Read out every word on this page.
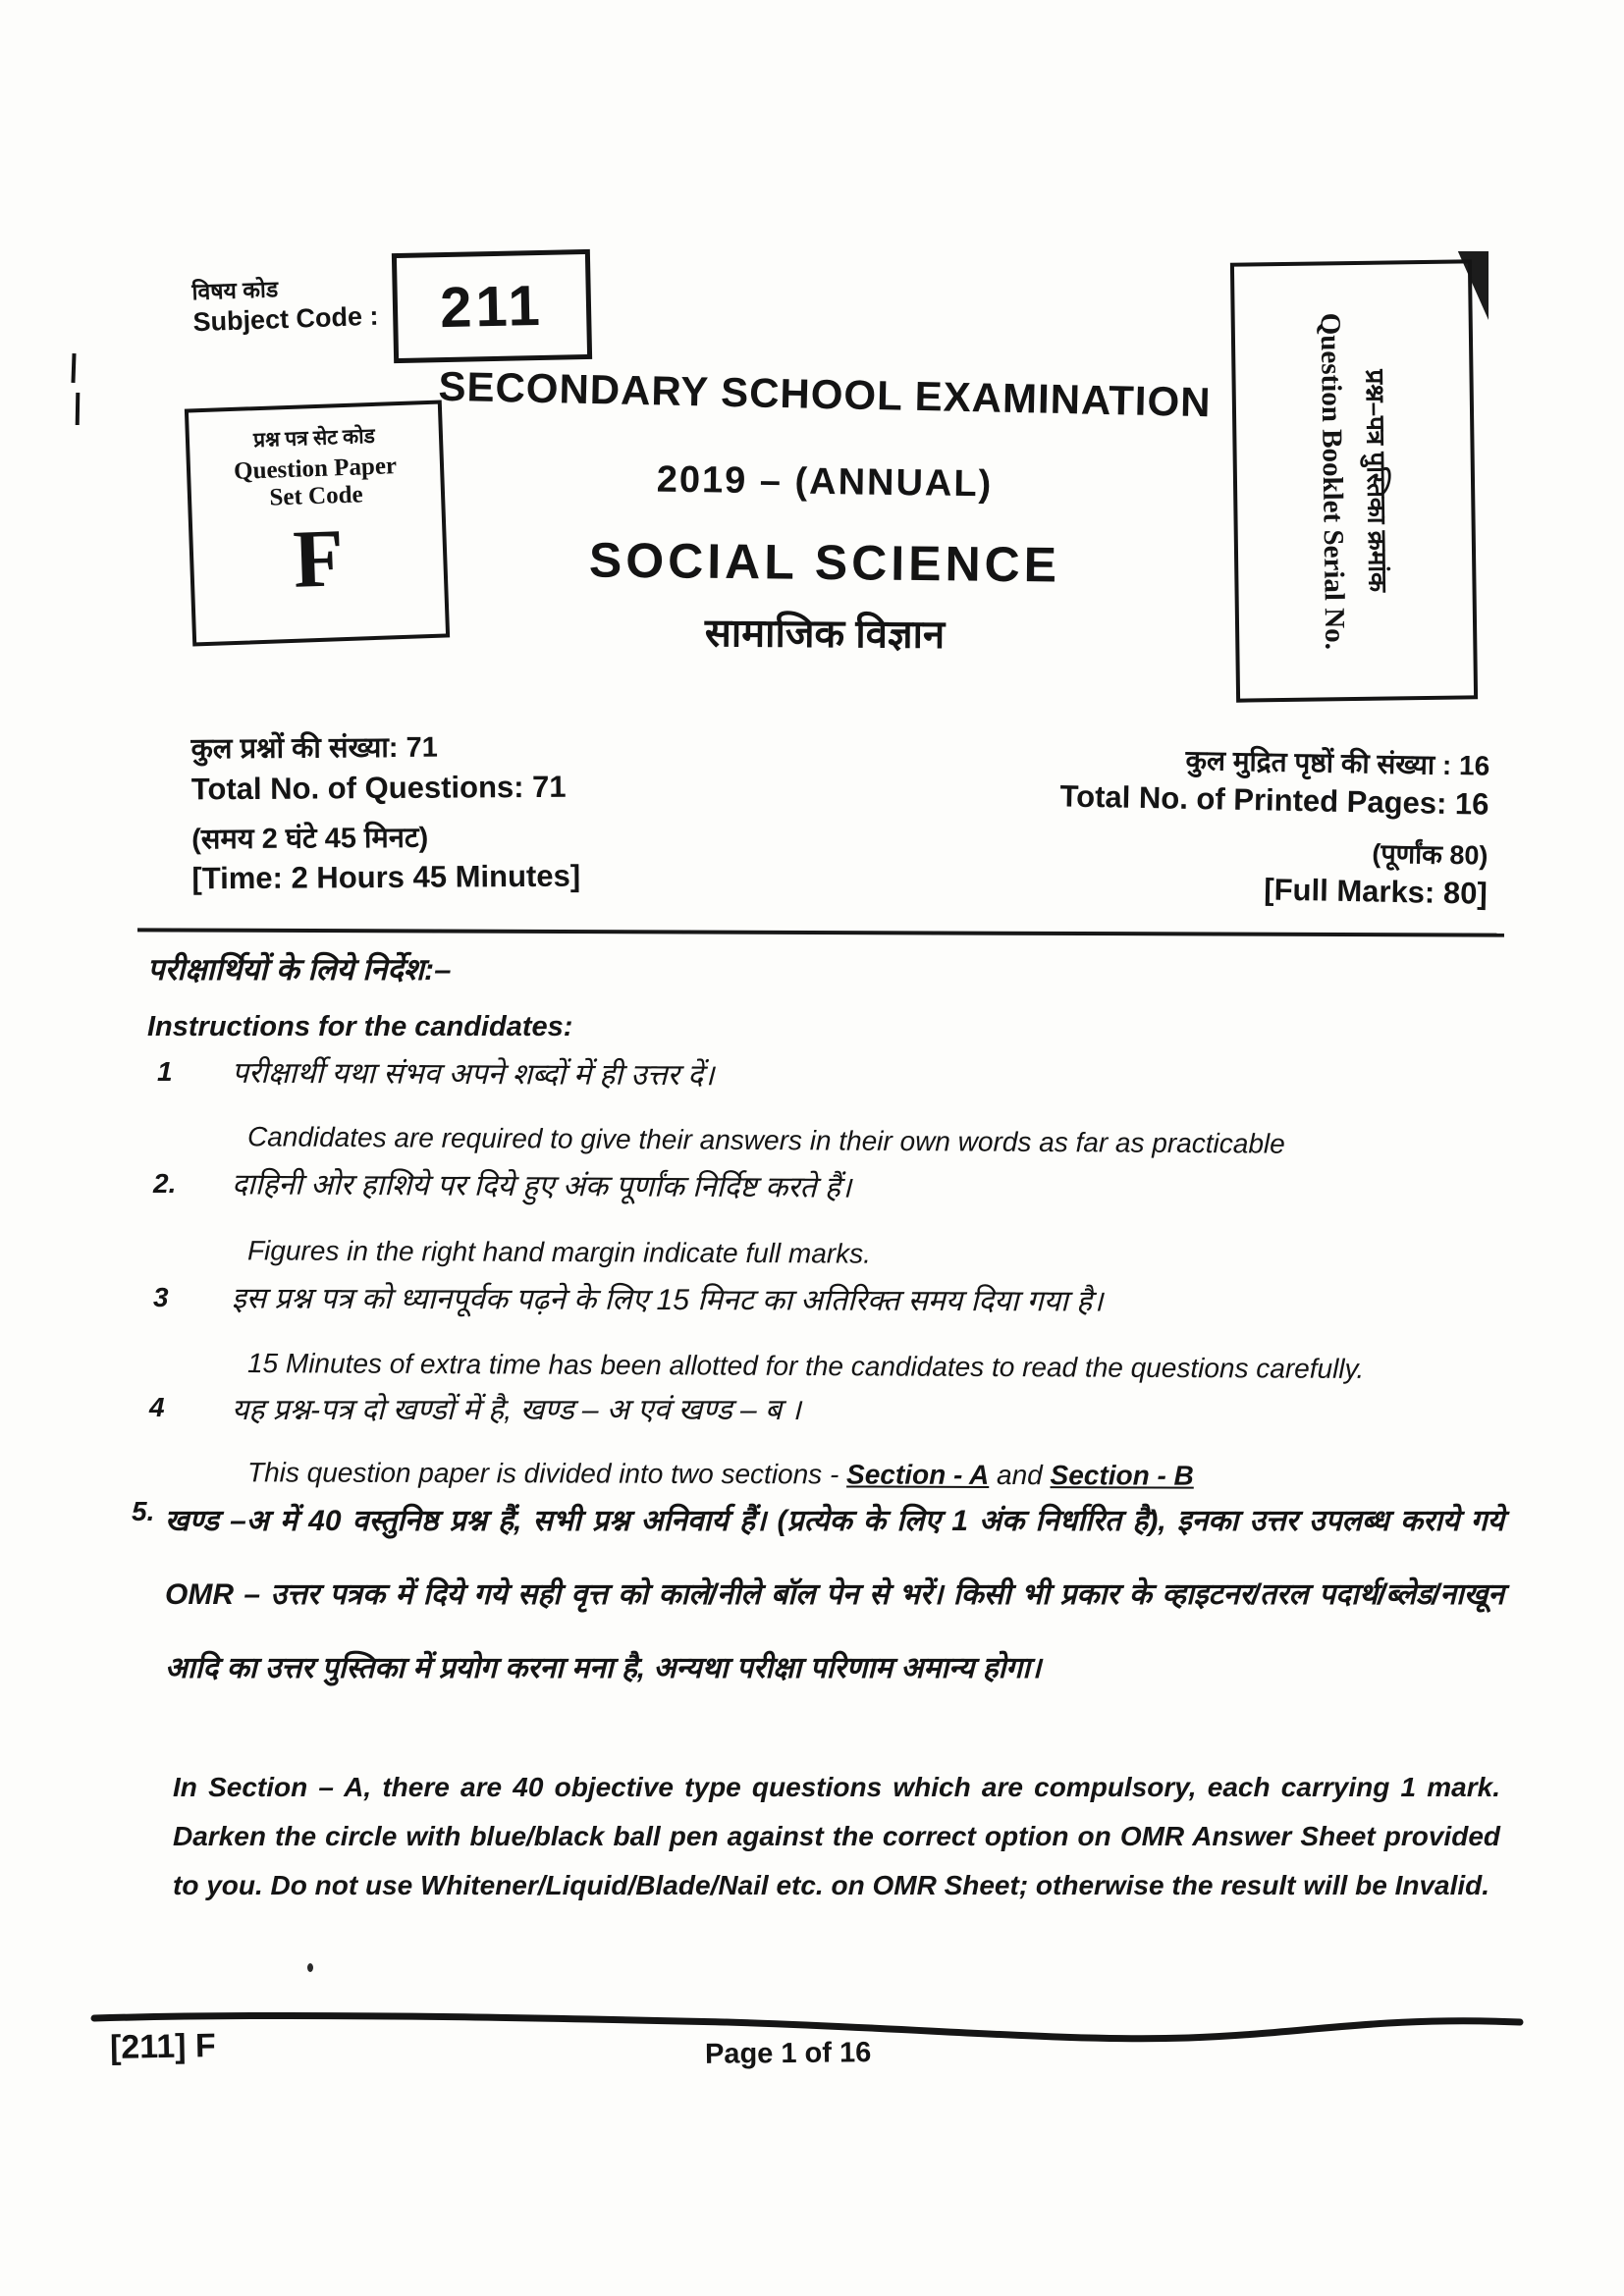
विषय कोड
Subject Code : 211
प्रश्न पत्र सेट कोड
Question Paper
Set Code
F	प्रश्न–पत्र पुस्तिका क्रमांक
Question Booklet Serial No.
SECONDARY SCHOOL EXAMINATION
2019 – (ANNUAL)
SOCIAL SCIENCE
सामाजिक विज्ञान
कुल प्रश्नों की संख्या: 71
Total No. of Questions: 71
(समय 2 घंटे 45 मिनट)
[Time: 2 Hours 45 Minutes]
कुल मुद्रित पृष्ठों की संख्या : 16
Total No. of Printed Pages: 16
(पूर्णांक 80)
[Full Marks: 80]
परीक्षार्थियों के लिये निर्देश:–
Instructions for the candidates:
1 परीक्षार्थी यथा संभव अपने शब्दों में ही उत्तर दें।
Candidates are required to give their answers in their own words as far as practicable
2. दाहिनी ओर हाशिये पर दिये हुए अंक पूर्णांक निर्दिष्ट करते हैं।
Figures in the right hand margin indicate full marks.
3 इस प्रश्न पत्र को ध्यानपूर्वक पढ़ने के लिए 15 मिनट का अतिरिक्त समय दिया गया है।
15 Minutes of extra time has been allotted for the candidates to read the questions carefully.
4 यह प्रश्न-पत्र दो खण्डों में है, खण्ड – अ एवं खण्ड – ब ।
This question paper is divided into two sections - Section - A and Section - B
5. खण्ड –अ में 40 वस्तुनिष्ठ प्रश्न हैं, सभी प्रश्न अनिवार्य हैं। (प्रत्येक के लिए 1 अंक निर्धारित है), इनका उत्तर उपलब्ध कराये गये OMR – उत्तर पत्रक में दिये गये सही वृत्त को काले/नीले बॉल पेन से भरें। किसी भी प्रकार के व्हाइटनर/तरल पदार्थ/ब्लेड/नाखून आदि का उत्तर पुस्तिका में प्रयोग करना मना है, अन्यथा परीक्षा परिणाम अमान्य होगा।
In Section – A, there are 40 objective type questions which are compulsory, each carrying 1 mark. Darken the circle with blue/black ball pen against the correct option on OMR Answer Sheet provided to you. Do not use Whitener/Liquid/Blade/Nail etc. on OMR Sheet; otherwise the result will be Invalid.
[211] F	Page 1 of 16
